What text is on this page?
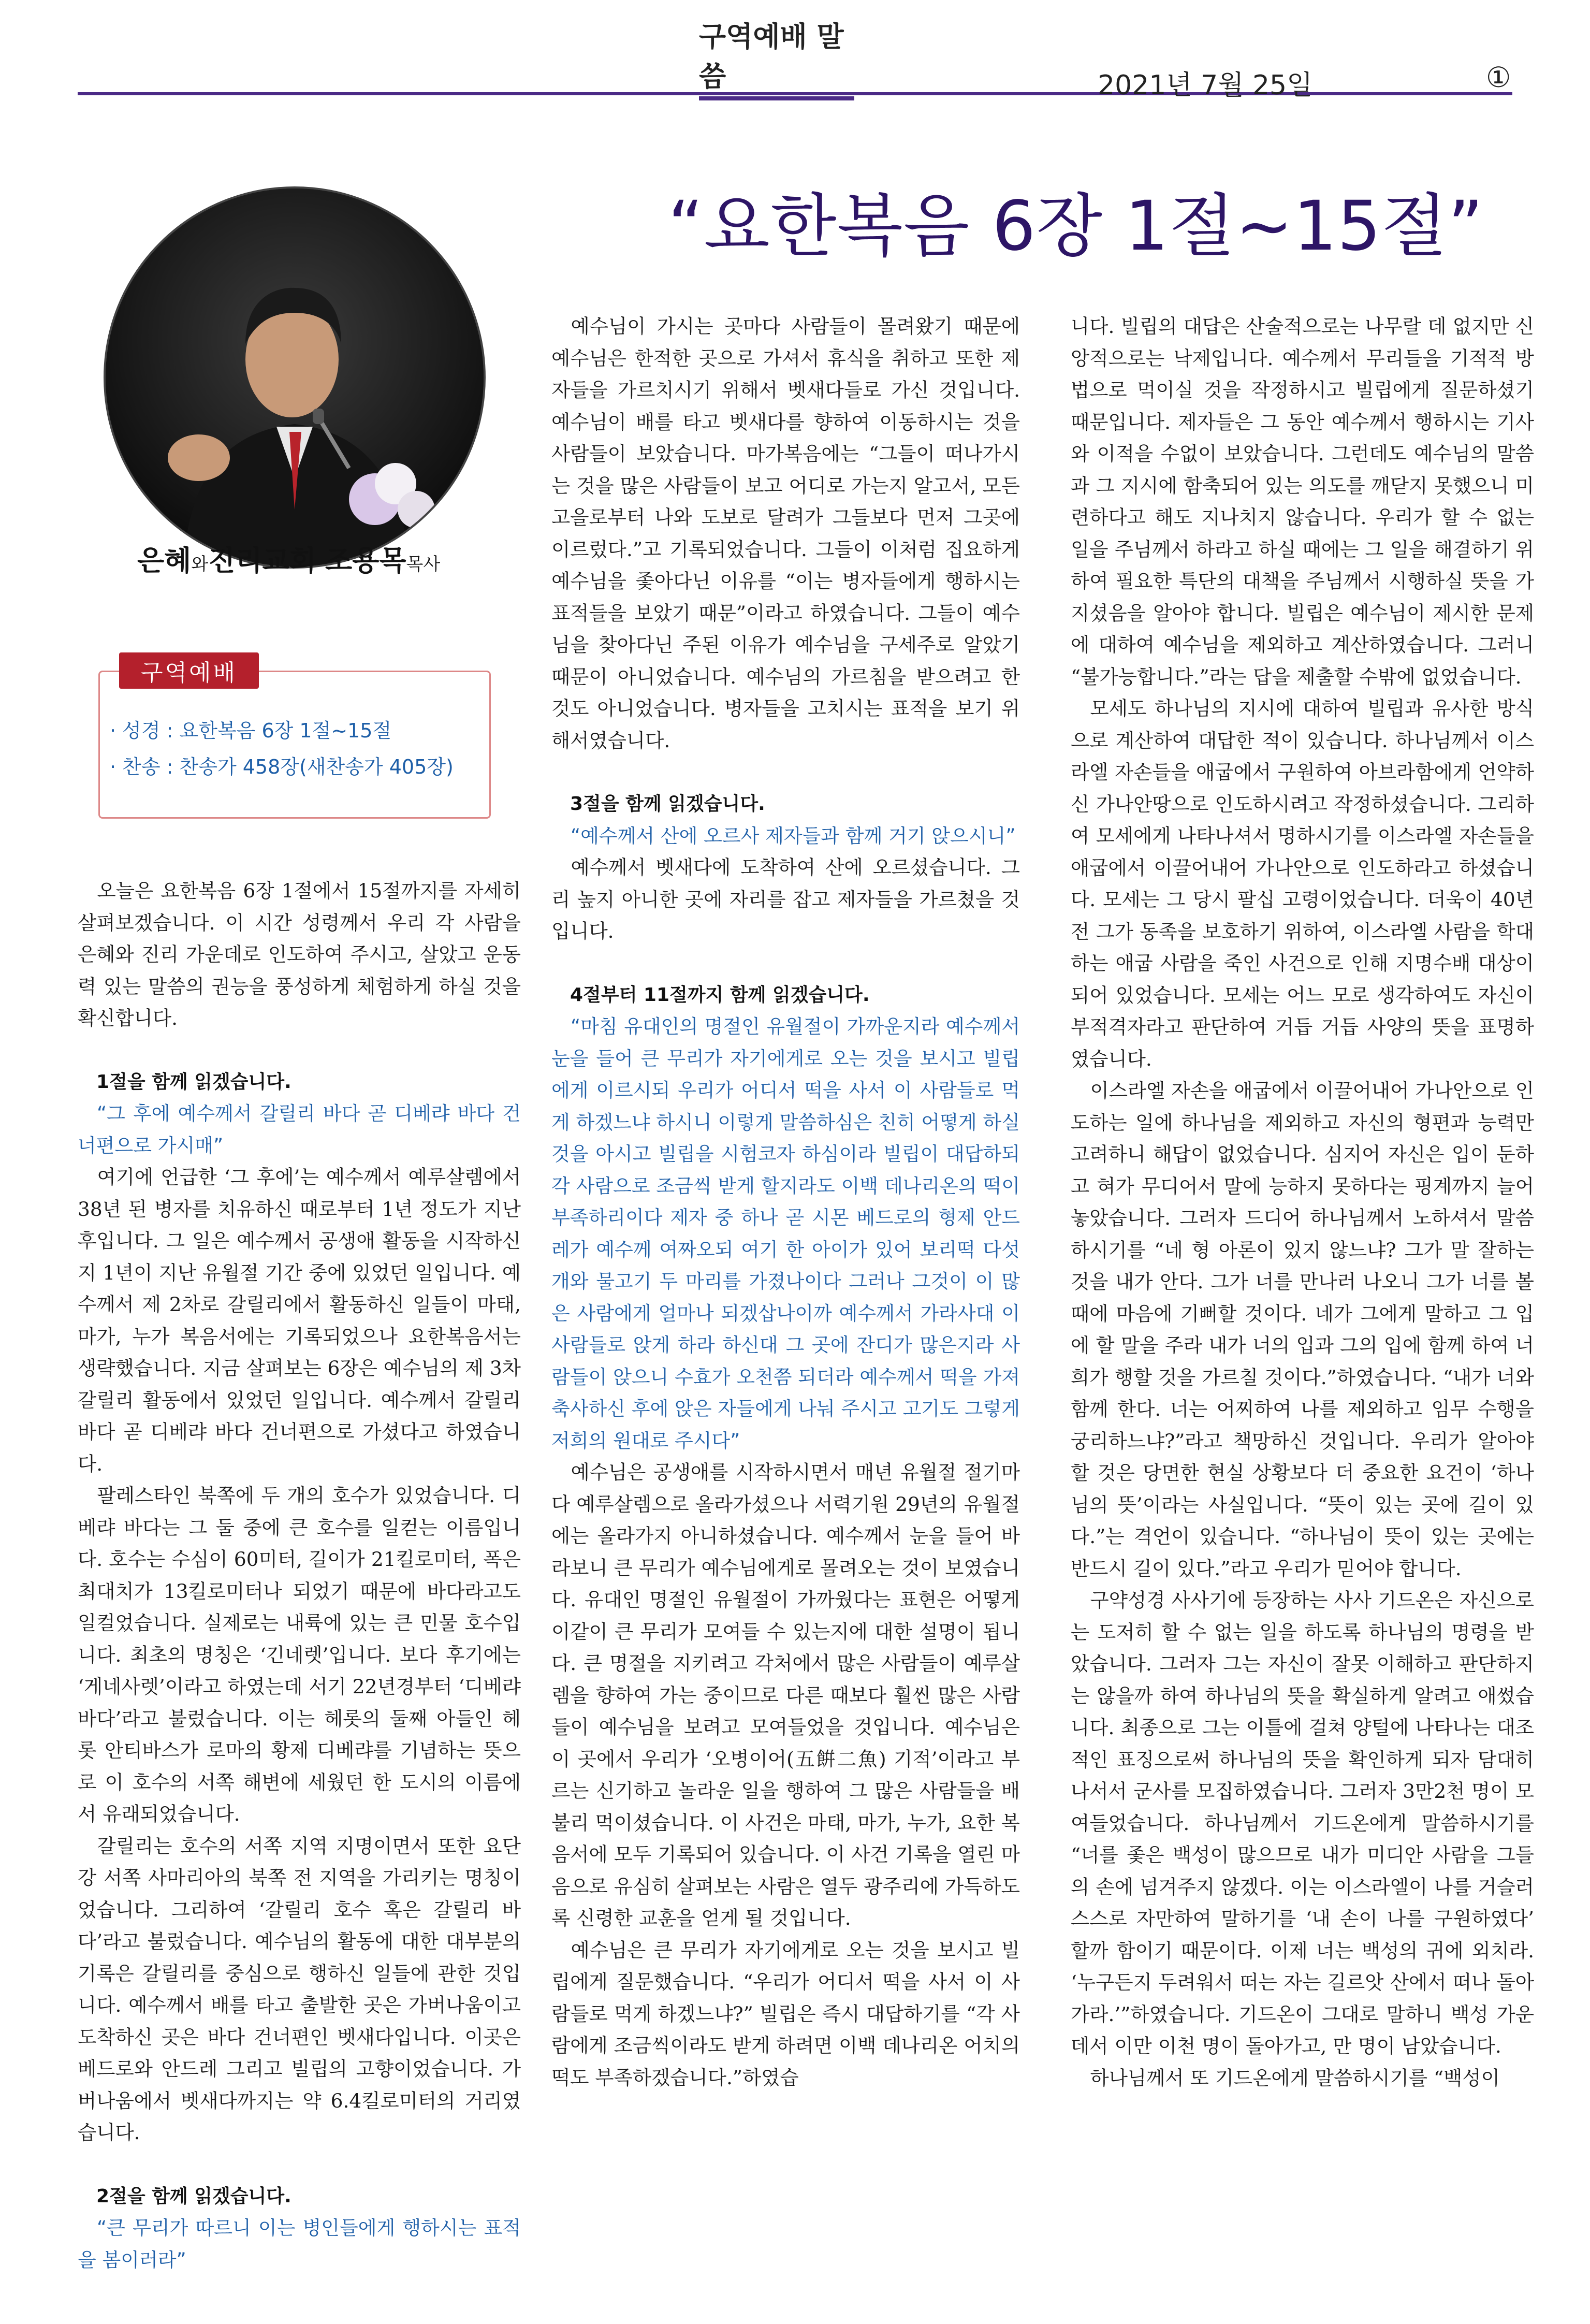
구역예배 말씀	2021년 7월 25일	①
“요한복음 6장 1절~15절”
은혜와진리교회 조용목목사
구역예배
· 성경 : 요한복음 6장 1절~15절
· 찬송 : 찬송가 458장(새찬송가 405장)

오늘은 요한복음 6장 1절에서 15절까지를 자세히 살펴보겠습니다. 이 시간 성령께서 우리 각 사람을 은혜와 진리 가운데로 인도하여 주시고, 살았고 운동력 있는 말씀의 권능을 풍성하게 체험하게 하실 것을 확신합니다.

1절을 함께 읽겠습니다.

“그 후에 예수께서 갈릴리 바다 곧 디베랴 바다 건너편으로 가시매”

여기에 언급한 ‘그 후에’는 예수께서 예루살렘에서 38년 된 병자를 치유하신 때로부터 1년 정도가 지난 후입니다. 그 일은 예수께서 공생애 활동을 시작하신 지 1년이 지난 유월절 기간 중에 있었던 일입니다. 예수께서 제 2차로 갈릴리에서 활동하신 일들이 마태, 마가, 누가 복음서에는 기록되었으나 요한복음서는 생략했습니다. 지금 살펴보는 6장은 예수님의 제 3차 갈릴리 활동에서 있었던 일입니다. 예수께서 갈릴리 바다 곧 디베랴 바다 건너편으로 가셨다고 하였습니다.

팔레스타인 북쪽에 두 개의 호수가 있었습니다. 디베랴 바다는 그 둘 중에 큰 호수를 일컫는 이름입니다. 호수는 수심이 60미터, 길이가 21킬로미터, 폭은 최대치가 13킬로미터나 되었기 때문에 바다라고도 일컬었습니다. 실제로는 내륙에 있는 큰 민물 호수입니다. 최초의 명칭은 ‘긴네렛’입니다. 보다 후기에는 ‘게네사렛’이라고 하였는데 서기 22년경부터 ‘디베랴 바다’라고 불렀습니다. 이는 헤롯의 둘째 아들인 헤롯 안티바스가 로마의 황제 디베랴를 기념하는 뜻으로 이 호수의 서쪽 해변에 세웠던 한 도시의 이름에서 유래되었습니다.

갈릴리는 호수의 서쪽 지역 지명이면서 또한 요단강 서쪽 사마리아의 북쪽 전 지역을 가리키는 명칭이었습니다. 그리하여 ‘갈릴리 호수 혹은 갈릴리 바다’라고 불렀습니다. 예수님의 활동에 대한 대부분의 기록은 갈릴리를 중심으로 행하신 일들에 관한 것입니다. 예수께서 배를 타고 출발한 곳은 가버나움이고 도착하신 곳은 바다 건너편인 벳새다입니다. 이곳은 베드로와 안드레 그리고 빌립의 고향이었습니다. 가버나움에서 벳새다까지는 약 6.4킬로미터의 거리였습니다.

2절을 함께 읽겠습니다.

“큰 무리가 따르니 이는 병인들에게 행하시는 표적을 봄이러라”

예수님이 가시는 곳마다 사람들이 몰려왔기 때문에 예수님은 한적한 곳으로 가셔서 휴식을 취하고 또한 제자들을 가르치시기 위해서 벳새다들로 가신 것입니다. 예수님이 배를 타고 벳새다를 향하여 이동하시는 것을 사람들이 보았습니다. 마가복음에는 “그들이 떠나가시는 것을 많은 사람들이 보고 어디로 가는지 알고서, 모든 고을로부터 나와 도보로 달려가 그들보다 먼저 그곳에 이르렀다.”고 기록되었습니다. 그들이 이처럼 집요하게 예수님을 좇아다닌 이유를 “이는 병자들에게 행하시는 표적들을 보았기 때문”이라고 하였습니다. 그들이 예수님을 찾아다닌 주된 이유가 예수님을 구세주로 알았기 때문이 아니었습니다. 예수님의 가르침을 받으려고 한 것도 아니었습니다. 병자들을 고치시는 표적을 보기 위해서였습니다.

3절을 함께 읽겠습니다.

“예수께서 산에 오르사 제자들과 함께 거기 앉으시니”

예수께서 벳새다에 도착하여 산에 오르셨습니다. 그리 높지 아니한 곳에 자리를 잡고 제자들을 가르쳤을 것입니다.

4절부터 11절까지 함께 읽겠습니다.

“마침 유대인의 명절인 유월절이 가까운지라 예수께서 눈을 들어 큰 무리가 자기에게로 오는 것을 보시고 빌립에게 이르시되 우리가 어디서 떡을 사서 이 사람들로 먹게 하겠느냐 하시니 이렇게 말씀하심은 친히 어떻게 하실 것을 아시고 빌립을 시험코자 하심이라 빌립이 대답하되 각 사람으로 조금씩 받게 할지라도 이백 데나리온의 떡이 부족하리이다 제자 중 하나 곧 시몬 베드로의 형제 안드레가 예수께 여짜오되 여기 한 아이가 있어 보리떡 다섯 개와 물고기 두 마리를 가졌나이다 그러나 그것이 이 많은 사람에게 얼마나 되겠삽나이까 예수께서 가라사대 이 사람들로 앉게 하라 하신대 그 곳에 잔디가 많은지라 사람들이 앉으니 수효가 오천쯤 되더라 예수께서 떡을 가져 축사하신 후에 앉은 자들에게 나눠 주시고 고기도 그렇게 저희의 원대로 주시다”

예수님은 공생애를 시작하시면서 매년 유월절 절기마다 예루살렘으로 올라가셨으나 서력기원 29년의 유월절에는 올라가지 아니하셨습니다. 예수께서 눈을 들어 바라보니 큰 무리가 예수님에게로 몰려오는 것이 보였습니다. 유대인 명절인 유월절이 가까웠다는 표현은 어떻게 이같이 큰 무리가 모여들 수 있는지에 대한 설명이 됩니다. 큰 명절을 지키려고 각처에서 많은 사람들이 예루살렘을 향하여 가는 중이므로 다른 때보다 훨씬 많은 사람들이 예수님을 보려고 모여들었을 것입니다. 예수님은 이 곳에서 우리가 ‘오병이어(五餠二魚) 기적’이라고 부르는 신기하고 놀라운 일을 행하여 그 많은 사람들을 배불리 먹이셨습니다. 이 사건은 마태, 마가, 누가, 요한 복음서에 모두 기록되어 있습니다. 이 사건 기록을 열린 마음으로 유심히 살펴보는 사람은 열두 광주리에 가득하도록 신령한 교훈을 얻게 될 것입니다.

예수님은 큰 무리가 자기에게로 오는 것을 보시고 빌립에게 질문했습니다. “우리가 어디서 떡을 사서 이 사람들로 먹게 하겠느냐?” 빌립은 즉시 대답하기를 “각 사람에게 조금씩이라도 받게 하려면 이백 데나리온 어치의 떡도 부족하겠습니다.”하였습

니다. 빌립의 대답은 산술적으로는 나무랄 데 없지만 신앙적으로는 낙제입니다. 예수께서 무리들을 기적적 방법으로 먹이실 것을 작정하시고 빌립에게 질문하셨기 때문입니다. 제자들은 그 동안 예수께서 행하시는 기사와 이적을 수없이 보았습니다. 그런데도 예수님의 말씀과 그 지시에 함축되어 있는 의도를 깨닫지 못했으니 미련하다고 해도 지나치지 않습니다. 우리가 할 수 없는 일을 주님께서 하라고 하실 때에는 그 일을 해결하기 위하여 필요한 특단의 대책을 주님께서 시행하실 뜻을 가지셨음을 알아야 합니다. 빌립은 예수님이 제시한 문제에 대하여 예수님을 제외하고 계산하였습니다. 그러니 “불가능합니다.”라는 답을 제출할 수밖에 없었습니다.

모세도 하나님의 지시에 대하여 빌립과 유사한 방식으로 계산하여 대답한 적이 있습니다. 하나님께서 이스라엘 자손들을 애굽에서 구원하여 아브라함에게 언약하신 가나안땅으로 인도하시려고 작정하셨습니다. 그리하여 모세에게 나타나셔서 명하시기를 이스라엘 자손들을 애굽에서 이끌어내어 가나안으로 인도하라고 하셨습니다. 모세는 그 당시 팔십 고령이었습니다. 더욱이 40년 전 그가 동족을 보호하기 위하여, 이스라엘 사람을 학대하는 애굽 사람을 죽인 사건으로 인해 지명수배 대상이 되어 있었습니다. 모세는 어느 모로 생각하여도 자신이 부적격자라고 판단하여 거듭 거듭 사양의 뜻을 표명하였습니다.

이스라엘 자손을 애굽에서 이끌어내어 가나안으로 인도하는 일에 하나님을 제외하고 자신의 형편과 능력만 고려하니 해답이 없었습니다. 심지어 자신은 입이 둔하고 혀가 무디어서 말에 능하지 못하다는 핑계까지 늘어놓았습니다. 그러자 드디어 하나님께서 노하셔서 말씀하시기를 “네 형 아론이 있지 않느냐? 그가 말 잘하는 것을 내가 안다. 그가 너를 만나러 나오니 그가 너를 볼 때에 마음에 기뻐할 것이다. 네가 그에게 말하고 그 입에 할 말을 주라 내가 너의 입과 그의 입에 함께 하여 너희가 행할 것을 가르칠 것이다.”하였습니다. “내가 너와 함께 한다. 너는 어찌하여 나를 제외하고 임무 수행을 궁리하느냐?”라고 책망하신 것입니다. 우리가 알아야 할 것은 당면한 현실 상황보다 더 중요한 요건이 ‘하나님의 뜻’이라는 사실입니다. “뜻이 있는 곳에 길이 있다.”는 격언이 있습니다. “하나님이 뜻이 있는 곳에는 반드시 길이 있다.”라고 우리가 믿어야 합니다.

구약성경 사사기에 등장하는 사사 기드온은 자신으로는 도저히 할 수 없는 일을 하도록 하나님의 명령을 받았습니다. 그러자 그는 자신이 잘못 이해하고 판단하지는 않을까 하여 하나님의 뜻을 확실하게 알려고 애썼습니다. 최종으로 그는 이틀에 걸쳐 양털에 나타나는 대조적인 표징으로써 하나님의 뜻을 확인하게 되자 담대히 나서서 군사를 모집하였습니다. 그러자 3만2천 명이 모여들었습니다. 하나님께서 기드온에게 말씀하시기를 “너를 좇은 백성이 많으므로 내가 미디안 사람을 그들의 손에 넘겨주지 않겠다. 이는 이스라엘이 나를 거슬러 스스로 자만하여 말하기를 ‘내 손이 나를 구원하였다’ 할까 함이기 때문이다. 이제 너는 백성의 귀에 외치라. ‘누구든지 두려워서 떠는 자는 길르앗 산에서 떠나 돌아가라.’”하였습니다. 기드온이 그대로 말하니 백성 가운데서 이만 이천 명이 돌아가고, 만 명이 남았습니다.

하나님께서 또 기드온에게 말씀하시기를 “백성이
